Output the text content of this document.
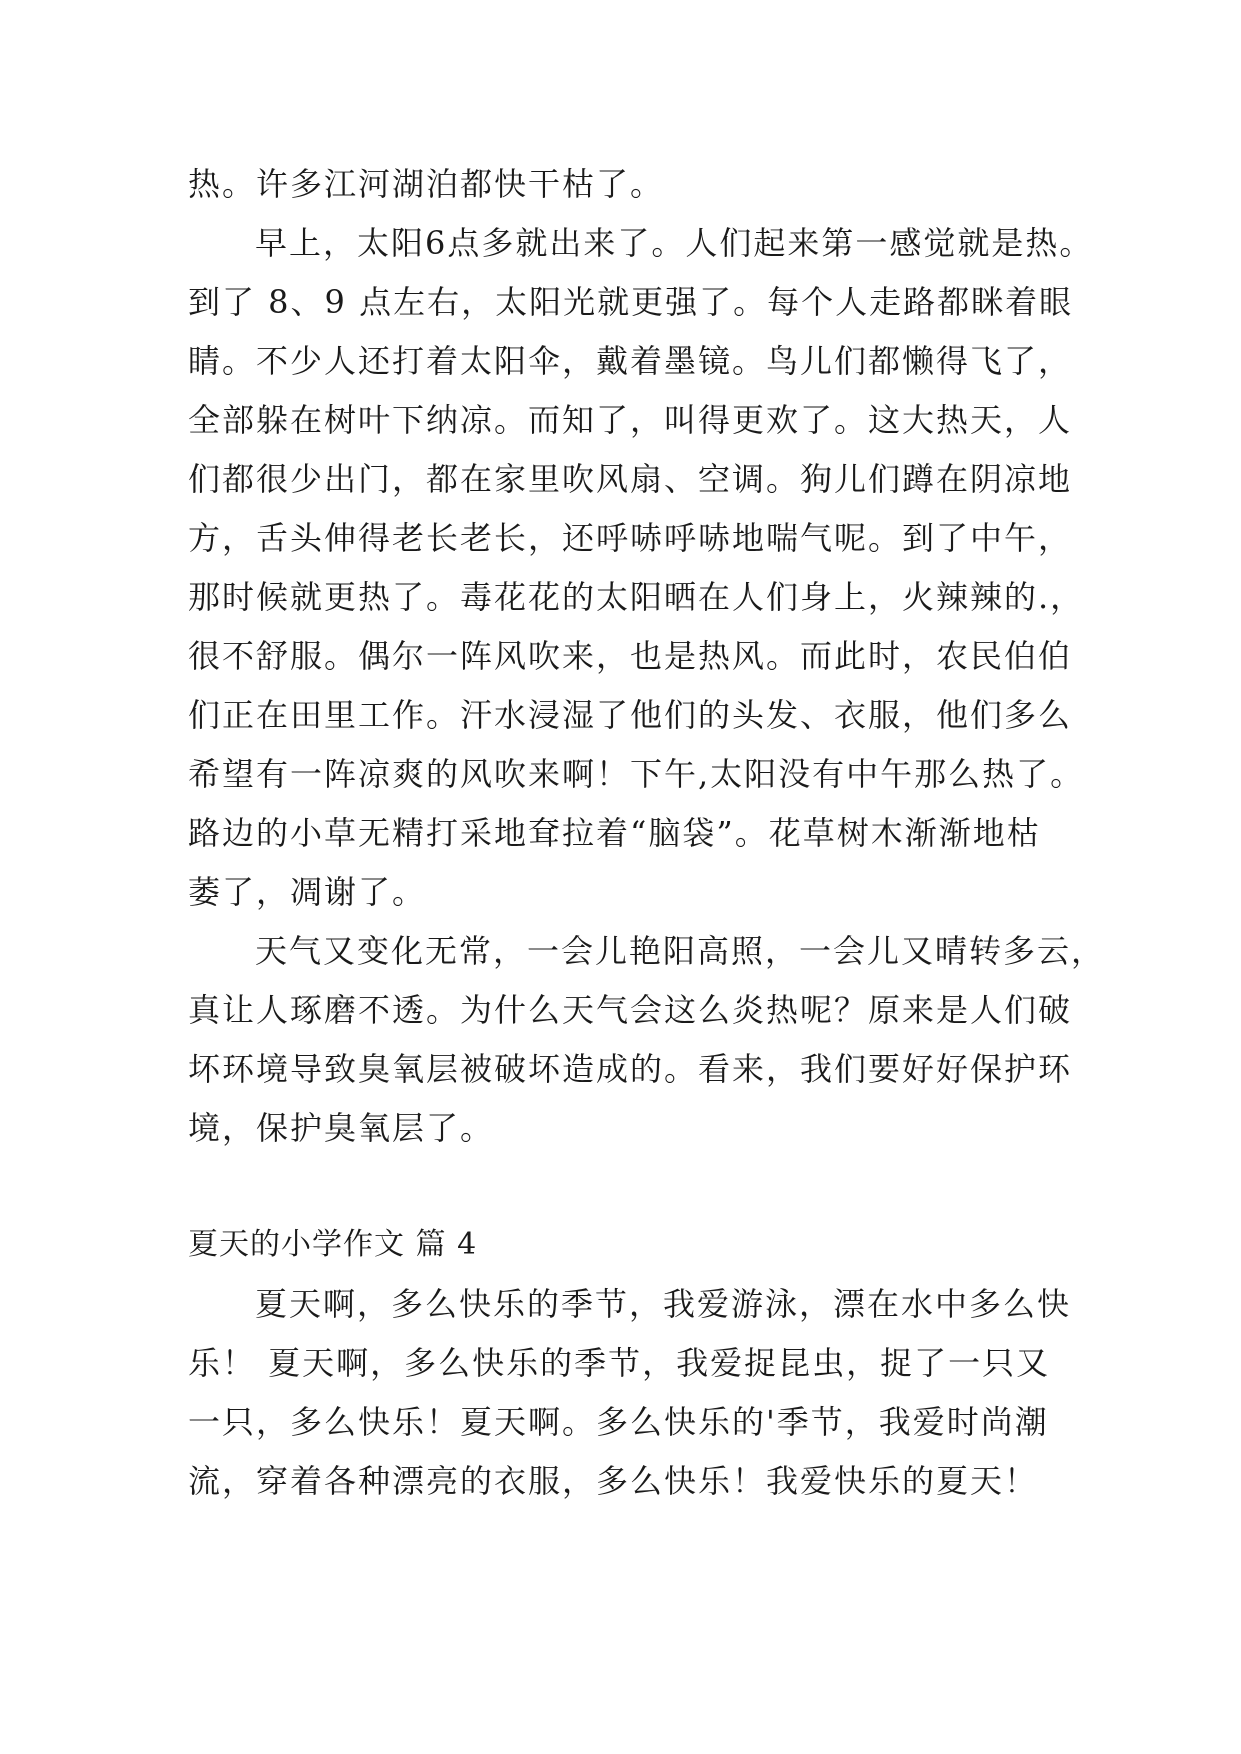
热。许多江河湖泊都快干枯了。
早上，太阳6点多就出来了。人们起来第一感觉就是热。
到了 8、9 点左右，太阳光就更强了。每个人走路都眯着眼
睛。不少人还打着太阳伞，戴着墨镜。鸟儿们都懒得飞了，
全部躲在树叶下纳凉。而知了，叫得更欢了。这大热天，人
们都很少出门，都在家里吹风扇、空调。狗儿们蹲在阴凉地
方，舌头伸得老长老长，还呼哧呼哧地喘气呢。到了中午，
那时候就更热了。毒花花的太阳晒在人们身上，火辣辣的.，
很不舒服。偶尔一阵风吹来，也是热风。而此时，农民伯伯
们正在田里工作。汗水浸湿了他们的头发、衣服，他们多么
希望有一阵凉爽的风吹来啊！下午,太阳没有中午那么热了。
路边的小草无精打采地耷拉着“脑袋”。花草树木渐渐地枯
萎了，凋谢了。
天气又变化无常，一会儿艳阳高照，一会儿又晴转多云，
真让人琢磨不透。为什么天气会这么炎热呢？原来是人们破
坏环境导致臭氧层被破坏造成的。看来，我们要好好保护环
境，保护臭氧层了。
夏天的小学作文 篇 4
夏天啊，多么快乐的季节，我爱游泳，漂在水中多么快
乐！ 夏天啊，多么快乐的季节，我爱捉昆虫，捉了一只又
一只，多么快乐！夏天啊。多么快乐的'季节，我爱时尚潮
流，穿着各种漂亮的衣服，多么快乐！我爱快乐的夏天！
